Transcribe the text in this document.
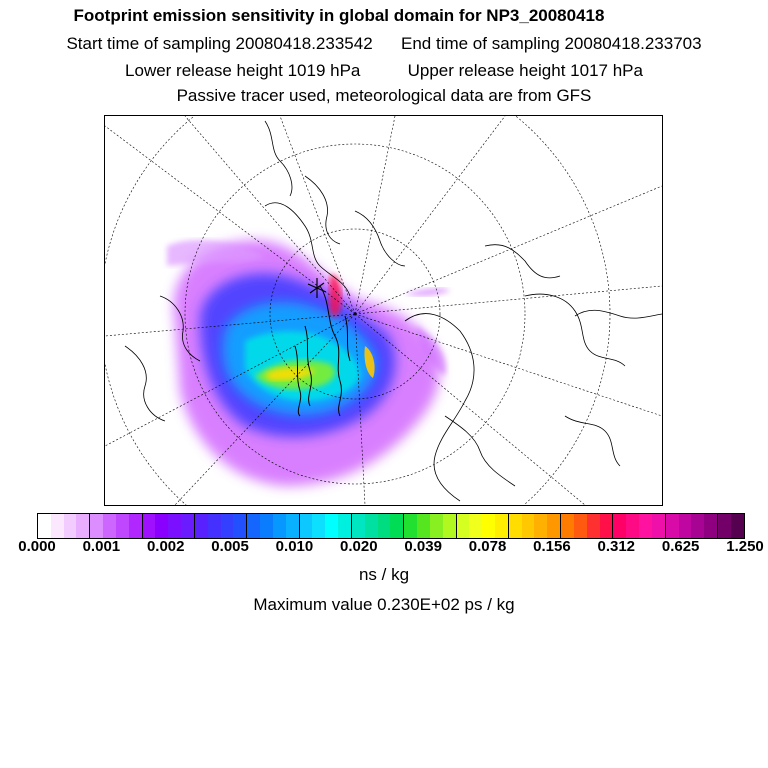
Footprint emission sensitivity in global domain for NP3_20080418
Start time of sampling 20080418.233542 End time of sampling 20080418.233703
Lower release height 1019 hPa	Upper release height 1017 hPa
Passive tracer used, meteorological data are from GFS
0.000 0.001 0.002 0.005 0.010 0.020 0.039 0.078 0.156 0.312 0.625 1.250
ns / kg
Maximum value 0.230E+02 ps / kg
